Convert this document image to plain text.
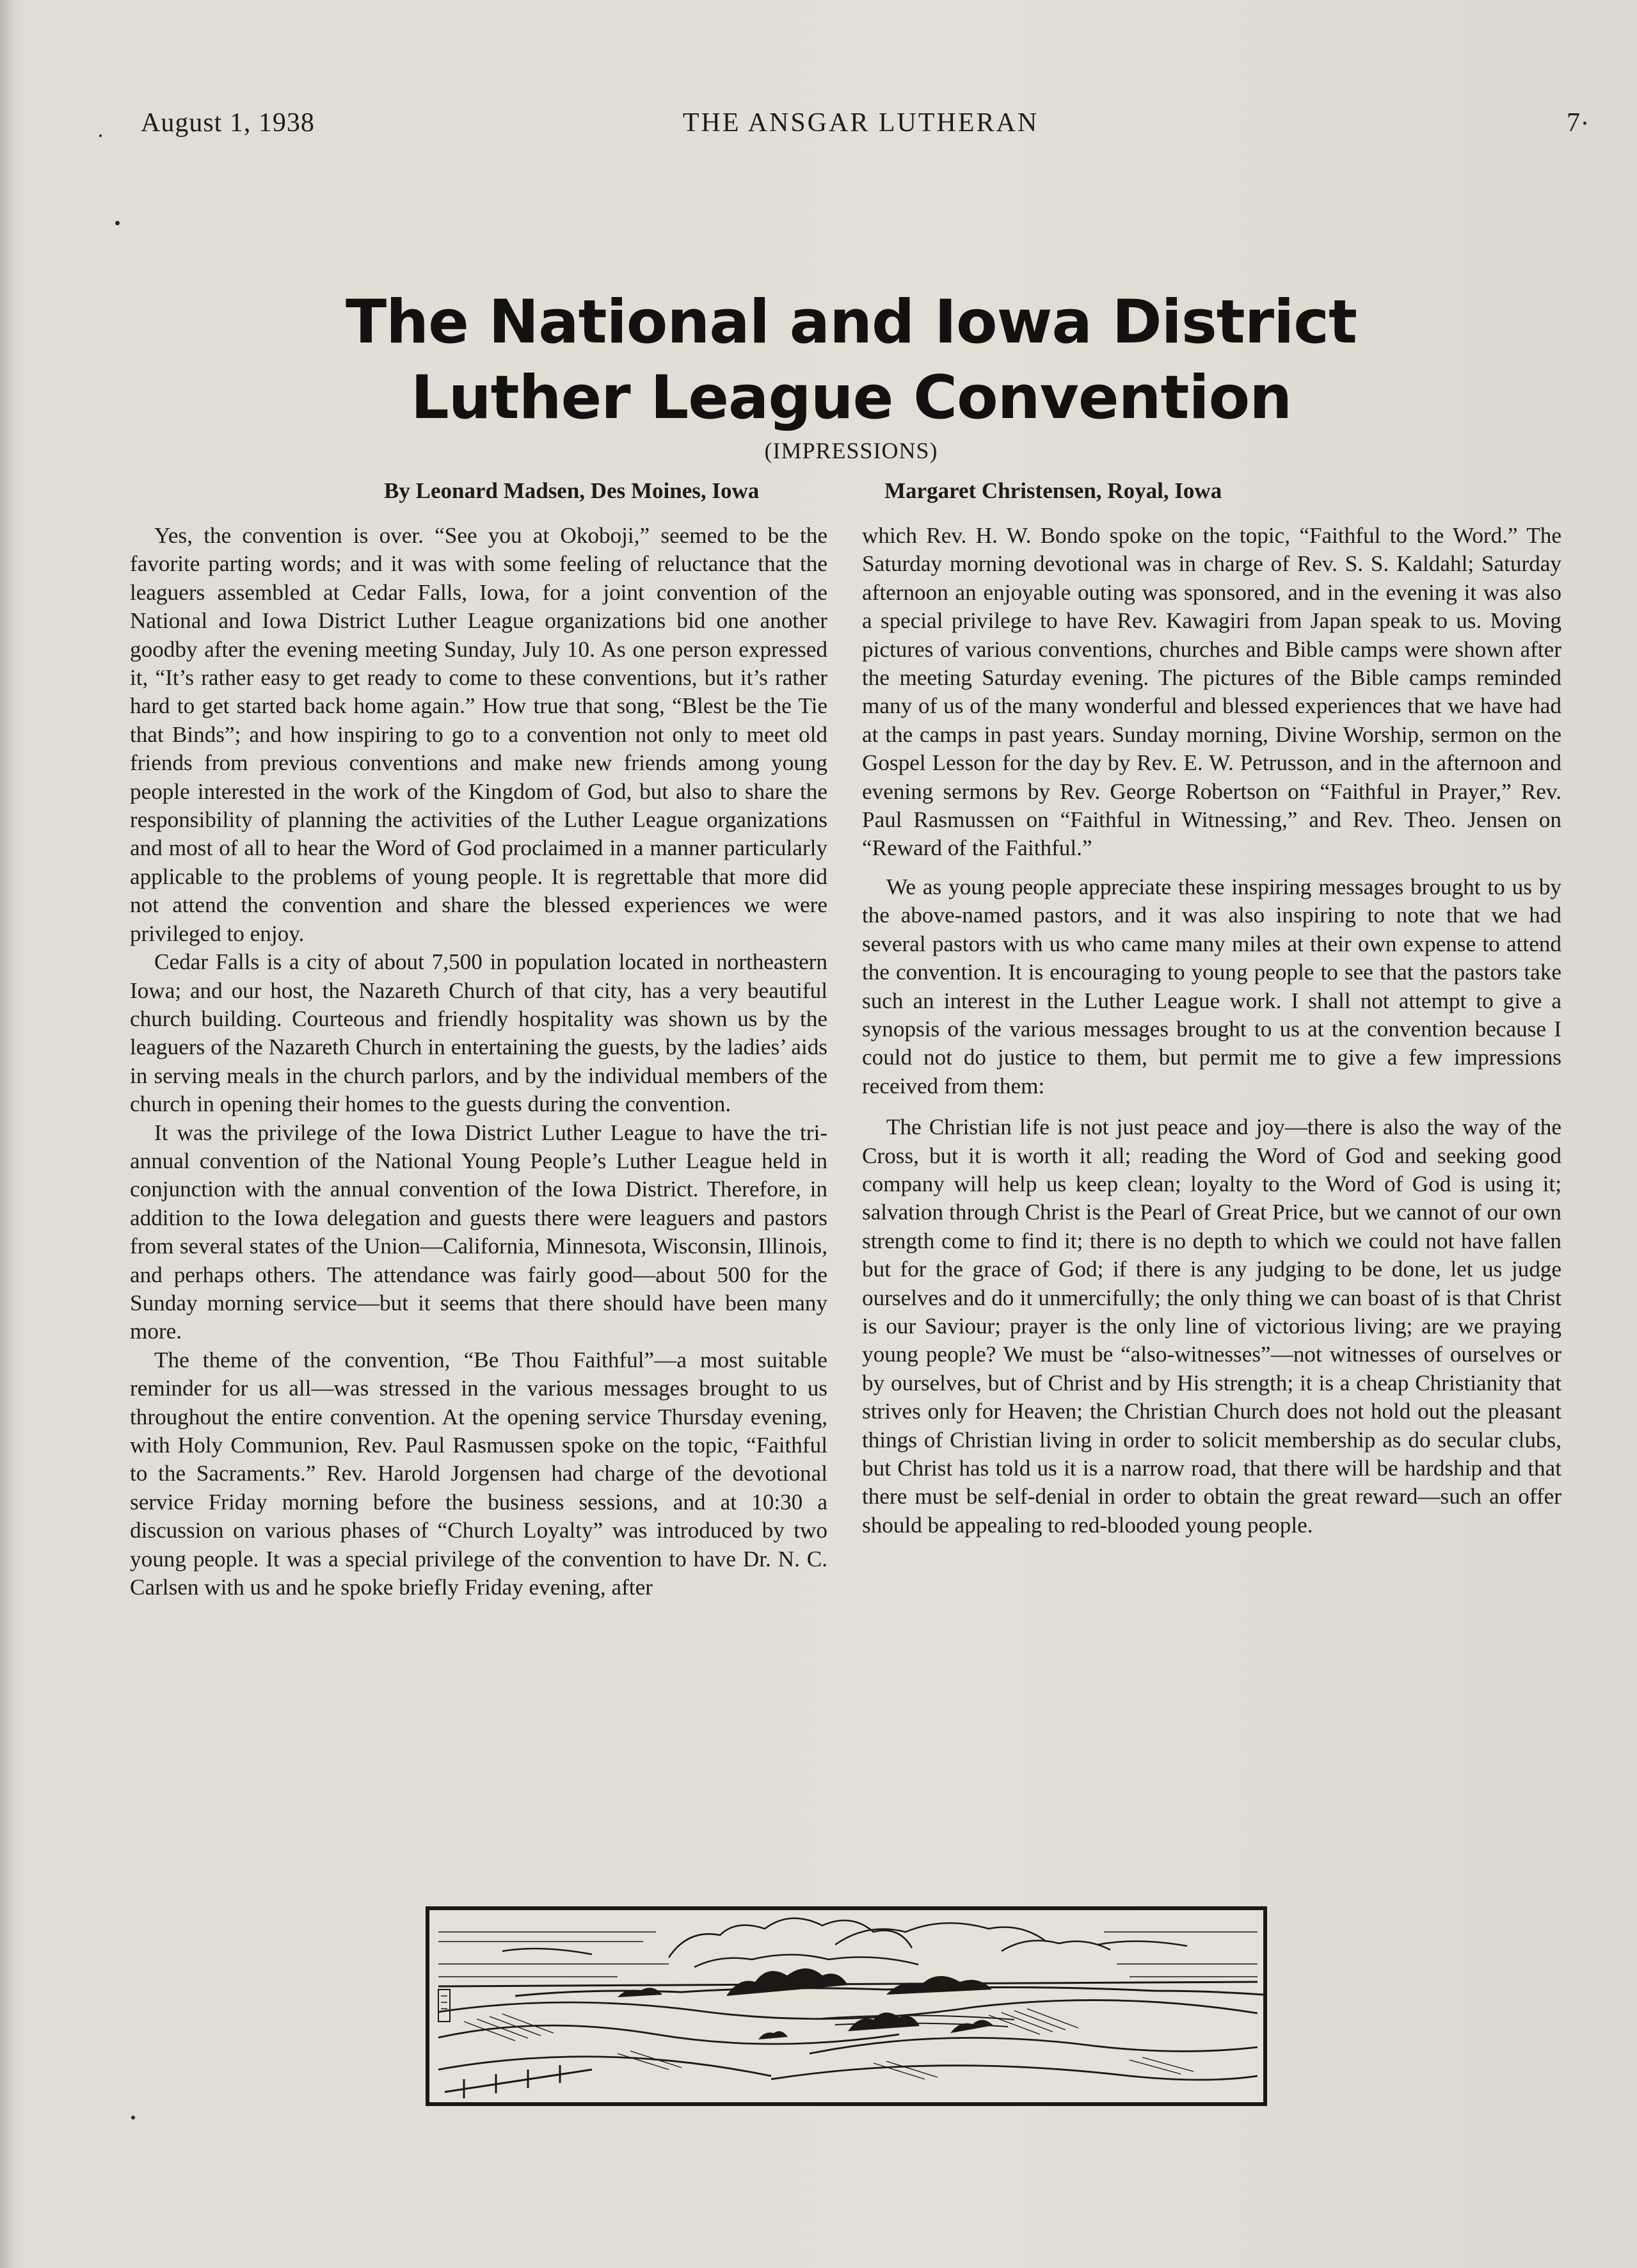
THE ANSGAR LUTHERAN
August 1, 1938	7
The National and Iowa District
Luther League Convention
(IMPRESSIONS)
By Leonard Madsen, Des Moines, Iowa	Margaret Christensen, Royal, Iowa

Yes, the convention is over. “See you at Okoboji,” seemed to be the favorite parting words; and it was with some feeling of reluctance that the leaguers assembled at Cedar Falls, Iowa, for a joint convention of the National and Iowa District Luther League organizations bid one another goodby after the evening meeting Sunday, July 10. As one person expressed it, “It’s rather easy to get ready to come to these conventions, but it’s rather hard to get started back home again.” How true that song, “Blest be the Tie that Binds”; and how inspiring to go to a convention not only to meet old friends from previous conventions and make new friends among young people interested in the work of the Kingdom of God, but also to share the responsibility of planning the activities of the Luther League organizations and most of all to hear the Word of God proclaimed in a manner particularly applicable to the problems of young people. It is regrettable that more did not attend the convention and share the blessed experiences we were privileged to enjoy.

Cedar Falls is a city of about 7,500 in population located in northeastern Iowa; and our host, the Nazareth Church of that city, has a very beautiful church building. Courteous and friendly hospitality was shown us by the leaguers of the Nazareth Church in entertaining the guests, by the ladies’ aids in serving meals in the church parlors, and by the individual members of the church in opening their homes to the guests during the convention.

It was the privilege of the Iowa District Luther League to have the tri-annual convention of the National Young People’s Luther League held in conjunction with the annual convention of the Iowa District. Therefore, in addition to the Iowa delegation and guests there were leaguers and pastors from several states of the Union—California, Minnesota, Wisconsin, Illinois, and perhaps others. The attendance was fairly good—about 500 for the Sunday morning service—but it seems that there should have been many more.

The theme of the convention, “Be Thou Faithful”—a most suitable reminder for us all—was stressed in the various messages brought to us throughout the entire convention. At the opening service Thursday evening, with Holy Communion, Rev. Paul Rasmussen spoke on the topic, “Faithful to the Sacraments.” Rev. Harold Jorgensen had charge of the devotional service Friday morning before the business sessions, and at 10:30 a discussion on various phases of “Church Loyalty” was introduced by two young people. It was a special privilege of the convention to have Dr. N. C. Carlsen with us and he spoke briefly Friday evening, after

which Rev. H. W. Bondo spoke on the topic, “Faithful to the Word.” The Saturday morning devotional was in charge of Rev. S. S. Kaldahl; Saturday afternoon an enjoyable outing was sponsored, and in the evening it was also a special privilege to have Rev. Kawagiri from Japan speak to us. Moving pictures of various conventions, churches and Bible camps were shown after the meeting Saturday evening. The pictures of the Bible camps reminded many of us of the many wonderful and blessed experiences that we have had at the camps in past years. Sunday morning, Divine Worship, sermon on the Gospel Lesson for the day by Rev. E. W. Petrusson, and in the afternoon and evening sermons by Rev. George Robertson on “Faithful in Prayer,” Rev. Paul Rasmussen on “Faithful in Witnessing,” and Rev. Theo. Jensen on “Reward of the Faithful.”

We as young people appreciate these inspiring messages brought to us by the above-named pastors, and it was also inspiring to note that we had several pastors with us who came many miles at their own expense to attend the convention. It is encouraging to young people to see that the pastors take such an interest in the Luther League work. I shall not attempt to give a synopsis of the various messages brought to us at the convention because I could not do justice to them, but permit me to give a few impressions received from them:

The Christian life is not just peace and joy—there is also the way of the Cross, but it is worth it all; reading the Word of God and seeking good company will help us keep clean; loyalty to the Word of God is using it; salvation through Christ is the Pearl of Great Price, but we cannot of our own strength come to find it; there is no depth to which we could not have fallen but for the grace of God; if there is any judging to be done, let us judge ourselves and do it unmercifully; the only thing we can boast of is that Christ is our Saviour; prayer is the only line of victorious living; are we praying young people? We must be “also-witnesses”—not witnesses of ourselves or by ourselves, but of Christ and by His strength; it is a cheap Christianity that strives only for Heaven; the Christian Church does not hold out the pleasant things of Christian living in order to solicit membership as do secular clubs, but Christ has told us it is a narrow road, that there will be hardship and that there must be self-denial in order to obtain the great reward—such an offer should be appealing to red-blooded young people.
